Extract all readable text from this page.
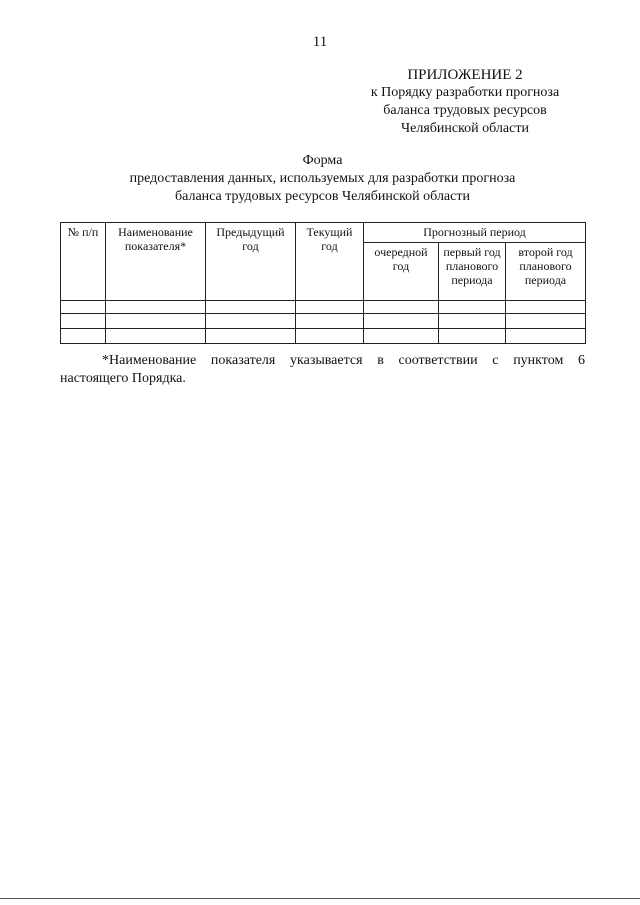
11
ПРИЛОЖЕНИЕ 2
к Порядку разработки прогноза
баланса трудовых ресурсов
Челябинской области
Форма
предоставления данных, используемых для разработки прогноза
баланса трудовых ресурсов Челябинской области
№ п/п	Наименование показателя*	Предыдущий год	Текущий год	Прогнозный период		
				очередной год	первый год планового периода	второй год планового периода

*Наименование показателя указывается в соответствии с пунктом 6
настоящего Порядка.
